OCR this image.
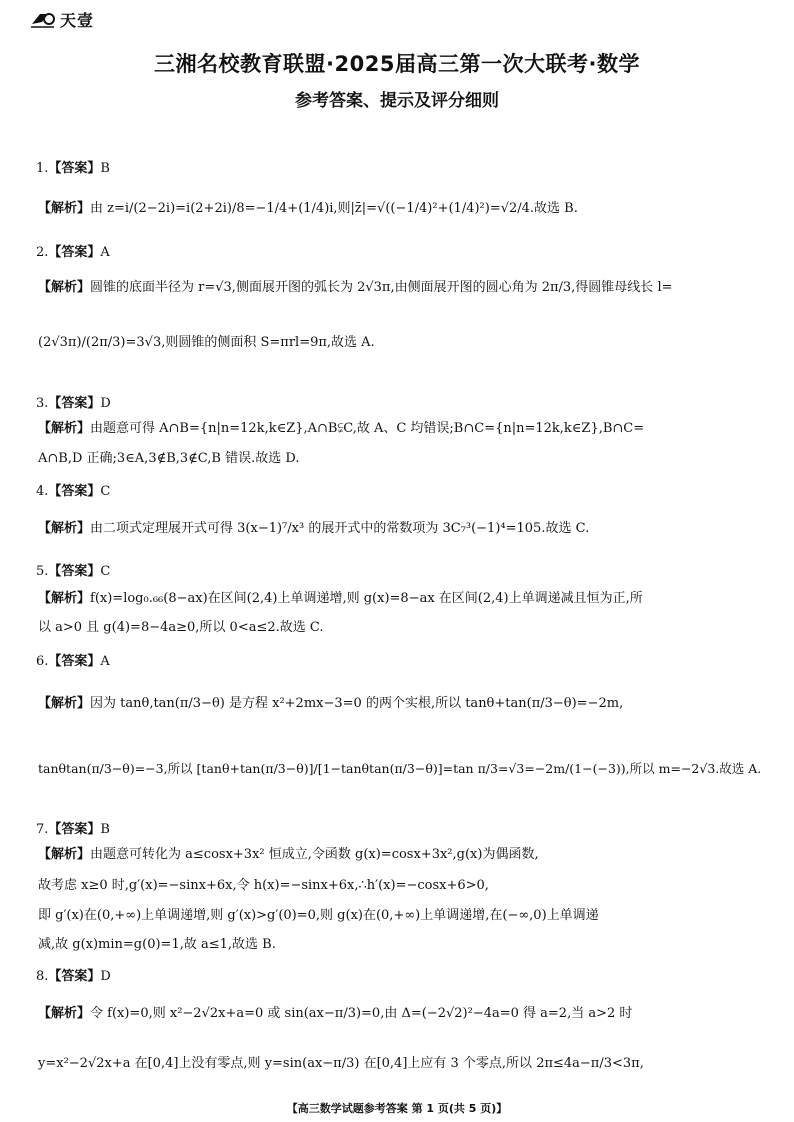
天壹
三湘名校教育联盟·2025届高三第一次大联考·数学
参考答案、提示及评分细则
1.【答案】B
【解析】由 z=i/(2−2i)=i(2+2i)/8=−1/4+(1/4)i,则|z̄|=√((−1/4)²+(1/4)²)=√2/4.故选 B.
2.【答案】A
【解析】圆锥的底面半径为 r=√3,侧面展开图的弧长为 2√3π,由侧面展开图的圆心角为 2π/3,得圆锥母线长 l=
(2√3π)/(2π/3)=3√3,则圆锥的侧面积 S=πrl=9π,故选 A.
3.【答案】D
【解析】由题意可得 A∩B={n|n=12k,k∈Z},A∩B⫋C,故 A、C 均错误;B∩C={n|n=12k,k∈Z},B∩C=
A∩B,D 正确;3∈A,3∉B,3∉C,B 错误.故选 D.
4.【答案】C
【解析】由二项式定理展开式可得 3(x−1)⁷/x³ 的展开式中的常数项为 3C₇³(−1)⁴=105.故选 C.
5.【答案】C
【解析】f(x)=log₀.₆₆(8−ax)在区间(2,4)上单调递增,则 g(x)=8−ax 在区间(2,4)上单调递减且恒为正,所
以 a>0 且 g(4)=8−4a≥0,所以 0<a≤2.故选 C.
6.【答案】A
【解析】因为 tanθ,tan(π/3−θ) 是方程 x²+2mx−3=0 的两个实根,所以 tanθ+tan(π/3−θ)=−2m,
tanθtan(π/3−θ)=−3,所以 [tanθ+tan(π/3−θ)]/[1−tanθtan(π/3−θ)]=tan π/3=√3=−2m/(1−(−3)),所以 m=−2√3.故选 A.
7.【答案】B
【解析】由题意可转化为 a≤cosx+3x² 恒成立,令函数 g(x)=cosx+3x²,g(x)为偶函数,
故考虑 x≥0 时,g′(x)=−sinx+6x,令 h(x)=−sinx+6x,∴h′(x)=−cosx+6>0,
即 g′(x)在(0,+∞)上单调递增,则 g′(x)>g′(0)=0,则 g(x)在(0,+∞)上单调递增,在(−∞,0)上单调递
减,故 g(x)min=g(0)=1,故 a≤1,故选 B.
8.【答案】D
【解析】令 f(x)=0,则 x²−2√2x+a=0 或 sin(ax−π/3)=0,由 Δ=(−2√2)²−4a=0 得 a=2,当 a>2 时
y=x²−2√2x+a 在[0,4]上没有零点,则 y=sin(ax−π/3) 在[0,4]上应有 3 个零点,所以 2π≤4a−π/3<3π,
【高三数学试题参考答案 第 1 页(共 5 页)】
